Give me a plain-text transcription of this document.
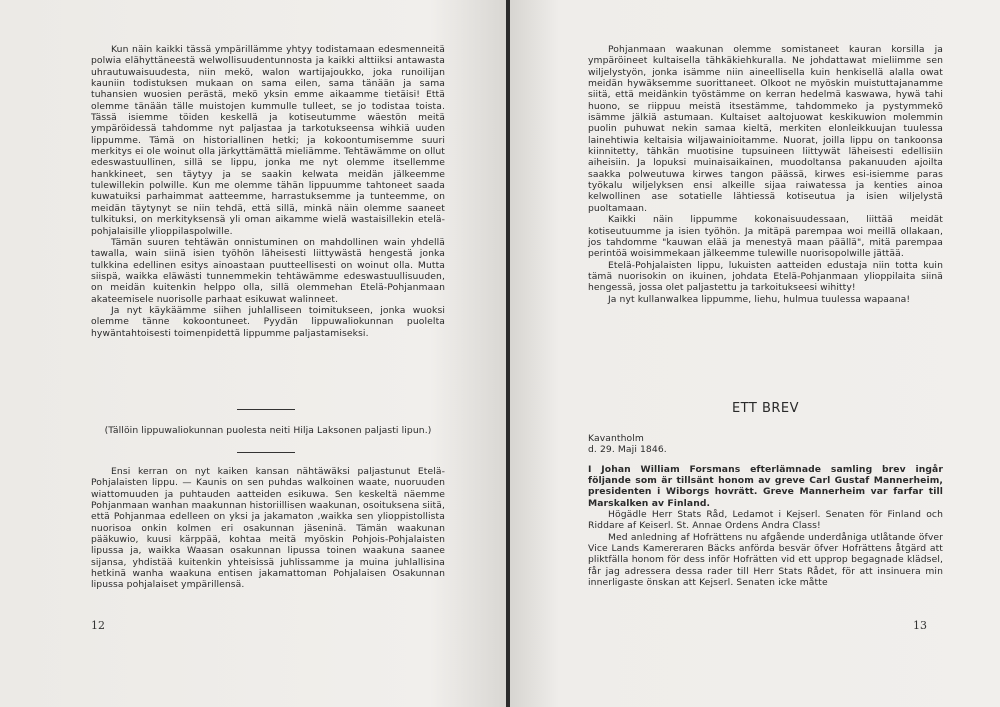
Kun näin kaikki tässä ympärillämme yhtyy todistamaan edesmenneitä polwia elähyttäneestä welwollisuudentunnosta ja kaikki alttiiksi antawasta uhrautuwaisuudesta, niin mekö, walon wartijajoukko, joka runoilijan kauniin todistuksen mukaan on sama eilen, sama tänään ja sama tuhansien wuosien perästä, mekö yksin emme aikaamme tietäisi! Että olemme tänään tälle muistojen kummulle tulleet, se jo todistaa toista. Tässä isiemme töiden keskellä ja kotiseutumme wäestön meitä ympäröidessä tahdomme nyt paljastaa ja tarkotukseensa wihkiä uuden lippumme. Tämä on historiallinen hetki; ja kokoontumisemme suuri merkitys ei ole woinut olla järkyttämättä mieliämme. Tehtäwämme on ollut edeswastuullinen, sillä se lippu, jonka me nyt olemme itsellemme hankkineet, sen täytyy ja se saakin kelwata meidän jälkeemme tulewillekin polwille. Kun me olemme tähän lippuumme tahtoneet saada kuwatuiksi parhaimmat aatteemme, harrastuksemme ja tunteemme, on meidän täytynyt se niin tehdä, että sillä, minkä näin olemme saaneet tulkituksi, on merkityksensä yli oman aikamme wielä wastaisillekin etelä-pohjalaisille ylioppilaspolwille.

Tämän suuren tehtäwän onnistuminen on mahdollinen wain yhdellä tawalla, wain siinä isien työhön läheisesti liittywästä hengestä jonka tulkkina edellinen esitys ainoastaan puutteellisesti on woinut olla. Mutta siispä, waikka eläwästi tunnemmekin tehtäwämme edeswastuullisuuden, on meidän kuitenkin helppo olla, sillä olemmehan Etelä-Pohjanmaan akateemisele nuorisolle parhaat esikuwat walinneet.

Ja nyt käykäämme siihen juhlalliseen toimitukseen, jonka wuoksi olemme tänne kokoontuneet. Pyydän lippuwaliokunnan puolelta hywäntahtoisesti toimenpidettä lippumme paljastamiseksi.

(Tällöin lippuwaliokunnan puolesta neiti Hilja Laksonen paljasti lipun.)

Ensi kerran on nyt kaiken kansan nähtäwäksi paljastunut Etelä-Pohjalaisten lippu. — Kaunis on sen puhdas walkoinen waate, nuoruuden wiattomuuden ja puhtauden aatteiden esikuwa. Sen keskeltä näemme Pohjanmaan wanhan maakunnan historiillisen waakunan, osoituksena siitä, että Pohjanmaa edelleen on yksi ja jakamaton ,waikka sen ylioppistollista nuorisoa onkin kolmen eri osakunnan jäseninä. Tämän waakunan pääkuwio, kuusi kärppää, kohtaa meitä myöskin Pohjois-Pohjalaisten lipussa ja, waikka Waasan osakunnan lipussa toinen waakuna saanee sijansa, yhdistää kuitenkin yhteisissä juhlissamme ja muina juhlallisina hetkinä wanha waakuna entisen jakamattoman Pohjalaisen Osakunnan lipussa pohjalaiset ympärillensä.

12

Pohjanmaan waakunan olemme somistaneet kauran korsilla ja ympäröineet kultaisella tähkäkiehkuralla. Ne johdattawat mieliimme sen wiljelystyön, jonka isämme niin aineellisella kuin henkisellä alalla owat meidän hywäksemme suorittaneet. Olkoot ne myöskin muistuttajanamme siitä, että meidänkin työstämme on kerran hedelmä kaswawa, hywä tahi huono, se riippuu meistä itsestämme, tahdommeko ja pystymmekö isämme jälkiä astumaan. Kultaiset aaltojuowat keskikuwion molemmin puolin puhuwat nekin samaa kieltä, merkiten elonleikkuujan tuulessa lainehtiwia keltaisia wiljawainioitamme. Nuorat, joilla lippu on tankoonsa kiinnitetty, tähkän muotisine tupsuineen liittywät läheisesti edellisiin aiheisiin. Ja lopuksi muinaisaikainen, muodoltansa pakanuuden ajoilta saakka polweutuwa kirwes tangon päässä, kirwes esi-isiemme paras työkalu wiljelyksen ensi alkeille sijaa raiwatessa ja kenties ainoa kelwollinen ase sotatielle lähtiessä kotiseutua ja isien wiljelystä puoltamaan.

Kaikki näin lippumme kokonaisuudessaan, liittää meidät kotiseutuumme ja isien työhön. Ja mitäpä parempaa woi meillä ollakaan, jos tahdomme "kauwan elää ja menestyä maan päällä", mitä parempaa perintöä woisimmekaan jälkeemme tulewille nuorisopolwille jättää.

Etelä-Pohjalaisten lippu, lukuisten aatteiden edustaja niin totta kuin tämä nuorisokin on ikuinen, johdata Etelä-Pohjanmaan ylioppilaita siinä hengessä, jossa olet paljastettu ja tarkoitukseesi wihitty!

Ja nyt kullanwalkea lippumme, liehu, hulmua tuulessa wapaana!

ETT BREV

Kavantholm

d. 29. Maji 1846.

I Johan William Forsmans efterlämnade samling brev ingår följande som är tillsänt honom av greve Carl Gustaf Mannerheim, presidenten i Wiborgs hovrätt. Greve Mannerheim var farfar till Marskalken av Finland.

Högädle Herr Stats Råd, Ledamot i Kejserl. Senaten för Finland och Riddare af Keiserl. St. Annae Ordens Andra Class!

Med anledning af Hofrättens nu afgående underdåniga utlåtande öfver Vice Lands Kamereraren Bäcks anförda besvär öfver Hofrättens åtgärd att pliktfälla honom för dess inför Hofrätten vid ett upprop begagnade klädsel, får jag adressera dessa rader till Herr Stats Rådet, för att insinuera min innerligaste önskan att Kejserl. Senaten icke måtte

13
